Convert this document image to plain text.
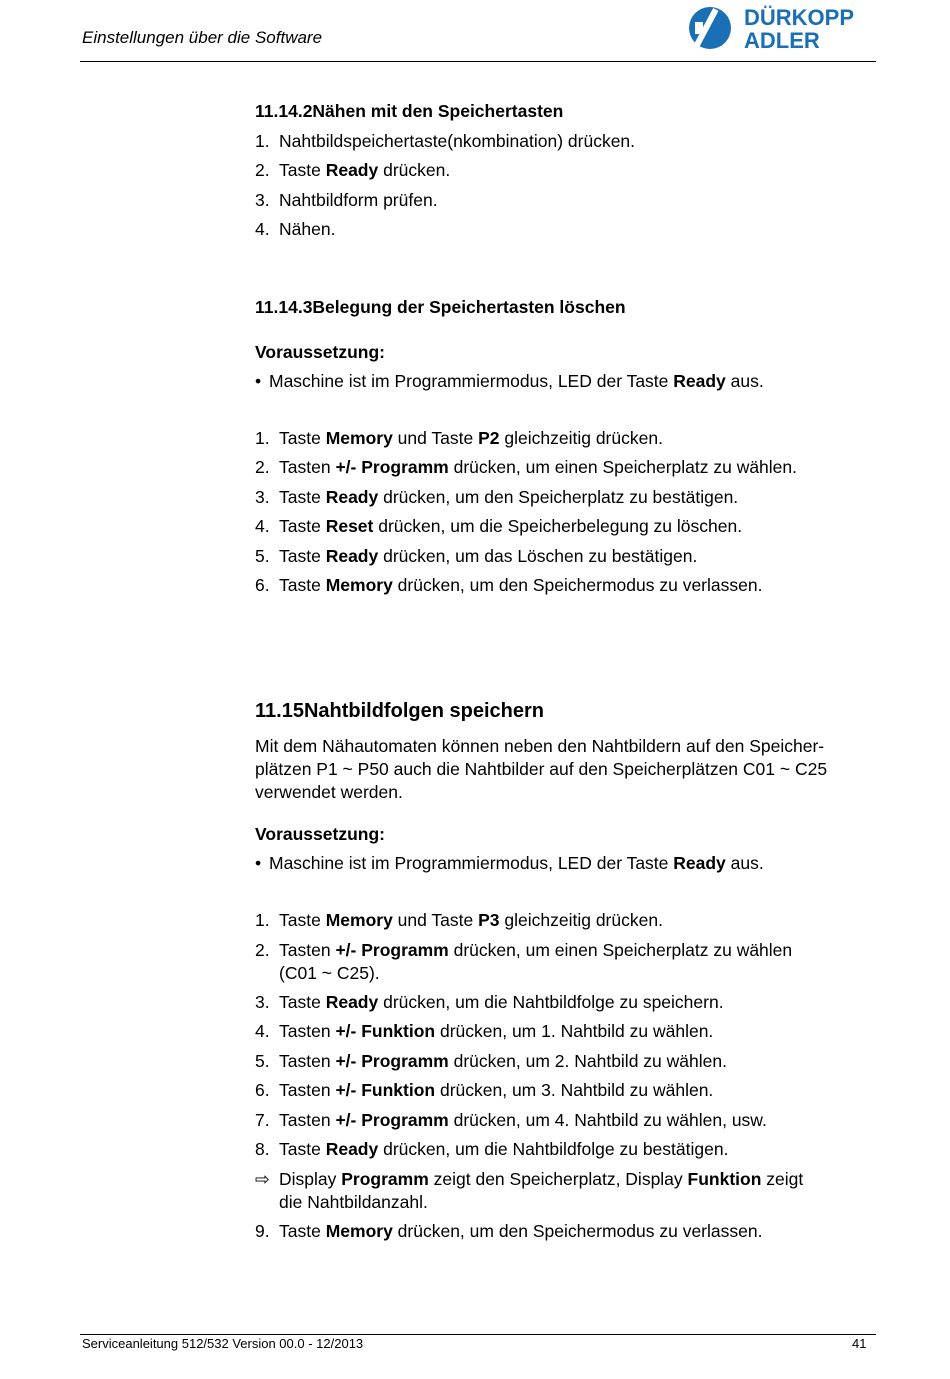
Einstellungen über die Software
DÜRKOPP
ADLER
11.14.2Nähen mit den Speichertasten
1. Nahtbildspeichertaste(nkombination) drücken.
2. Taste Ready drücken.
3. Nahtbildform prüfen.
4. Nähen.
11.14.3Belegung der Speichertasten löschen
Voraussetzung:
• Maschine ist im Programmiermodus, LED der Taste Ready aus.
1. Taste Memory und Taste P2 gleichzeitig drücken.
2. Tasten +/- Programm drücken, um einen Speicherplatz zu wählen.
3. Taste Ready drücken, um den Speicherplatz zu bestätigen.
4. Taste Reset drücken, um die Speicherbelegung zu löschen.
5. Taste Ready drücken, um das Löschen zu bestätigen.
6. Taste Memory drücken, um den Speichermodus zu verlassen.
11.15Nahtbildfolgen speichern
Mit dem Nähautomaten können neben den Nahtbildern auf den Speicher-
plätzen P1 ~ P50 auch die Nahtbilder auf den Speicherplätzen C01 ~ C25
verwendet werden.
Voraussetzung:
• Maschine ist im Programmiermodus, LED der Taste Ready aus.
1. Taste Memory und Taste P3 gleichzeitig drücken.
2. Tasten +/- Programm drücken, um einen Speicherplatz zu wählen
(C01 ~ C25).
3. Taste Ready drücken, um die Nahtbildfolge zu speichern.
4. Tasten +/- Funktion drücken, um 1. Nahtbild zu wählen.
5. Tasten +/- Programm drücken, um 2. Nahtbild zu wählen.
6. Tasten +/- Funktion drücken, um 3. Nahtbild zu wählen.
7. Tasten +/- Programm drücken, um 4. Nahtbild zu wählen, usw.
8. Taste Ready drücken, um die Nahtbildfolge zu bestätigen.
⇨ Display Programm zeigt den Speicherplatz, Display Funktion zeigt
die Nahtbildanzahl.
9. Taste Memory drücken, um den Speichermodus zu verlassen.
Serviceanleitung 512/532 Version 00.0 - 12/2013	41
